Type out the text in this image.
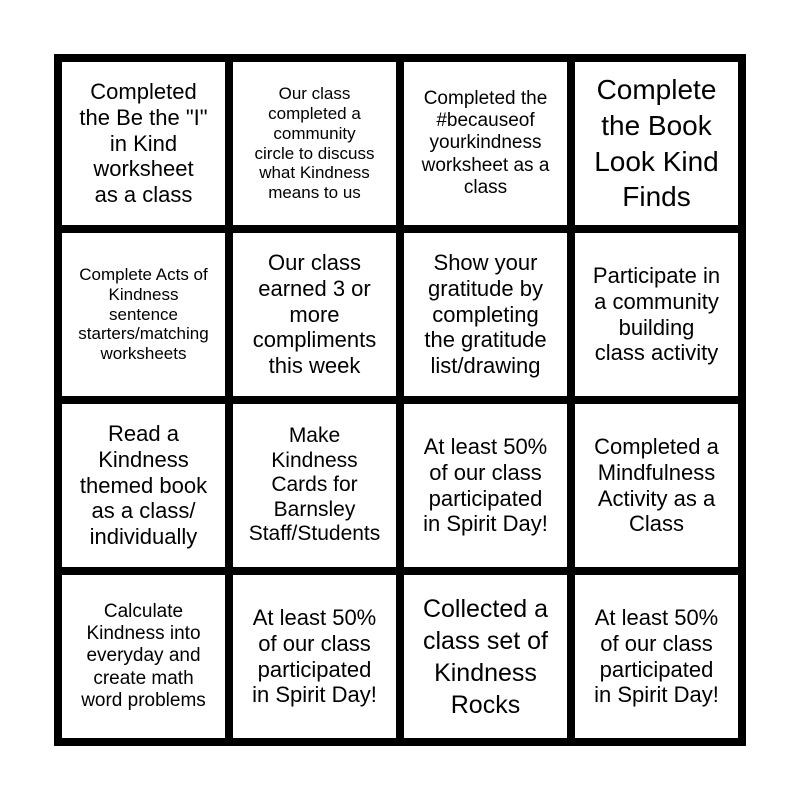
Completed
the Be the "I"
in Kind
worksheet
as a class
Our class
completed a
community
circle to discuss
what Kindness
means to us
Completed the
#becauseof
yourkindness
worksheet as a
class
Complete
the Book
Look Kind
Finds
Complete Acts of
Kindness
sentence
starters/matching
worksheets
Our class
earned 3 or
more
compliments
this week
Show your
gratitude by
completing
the gratitude
list/drawing
Participate in
a community
building
class activity
Read a
Kindness
themed book
as a class/
individually
Make
Kindness
Cards for
Barnsley
Staff/Students
At least 50%
of our class
participated
in Spirit Day!
Completed a
Mindfulness
Activity as a
Class
Calculate
Kindness into
everyday and
create math
word problems
At least 50%
of our class
participated
in Spirit Day!
Collected a
class set of
Kindness
Rocks
At least 50%
of our class
participated
in Spirit Day!
